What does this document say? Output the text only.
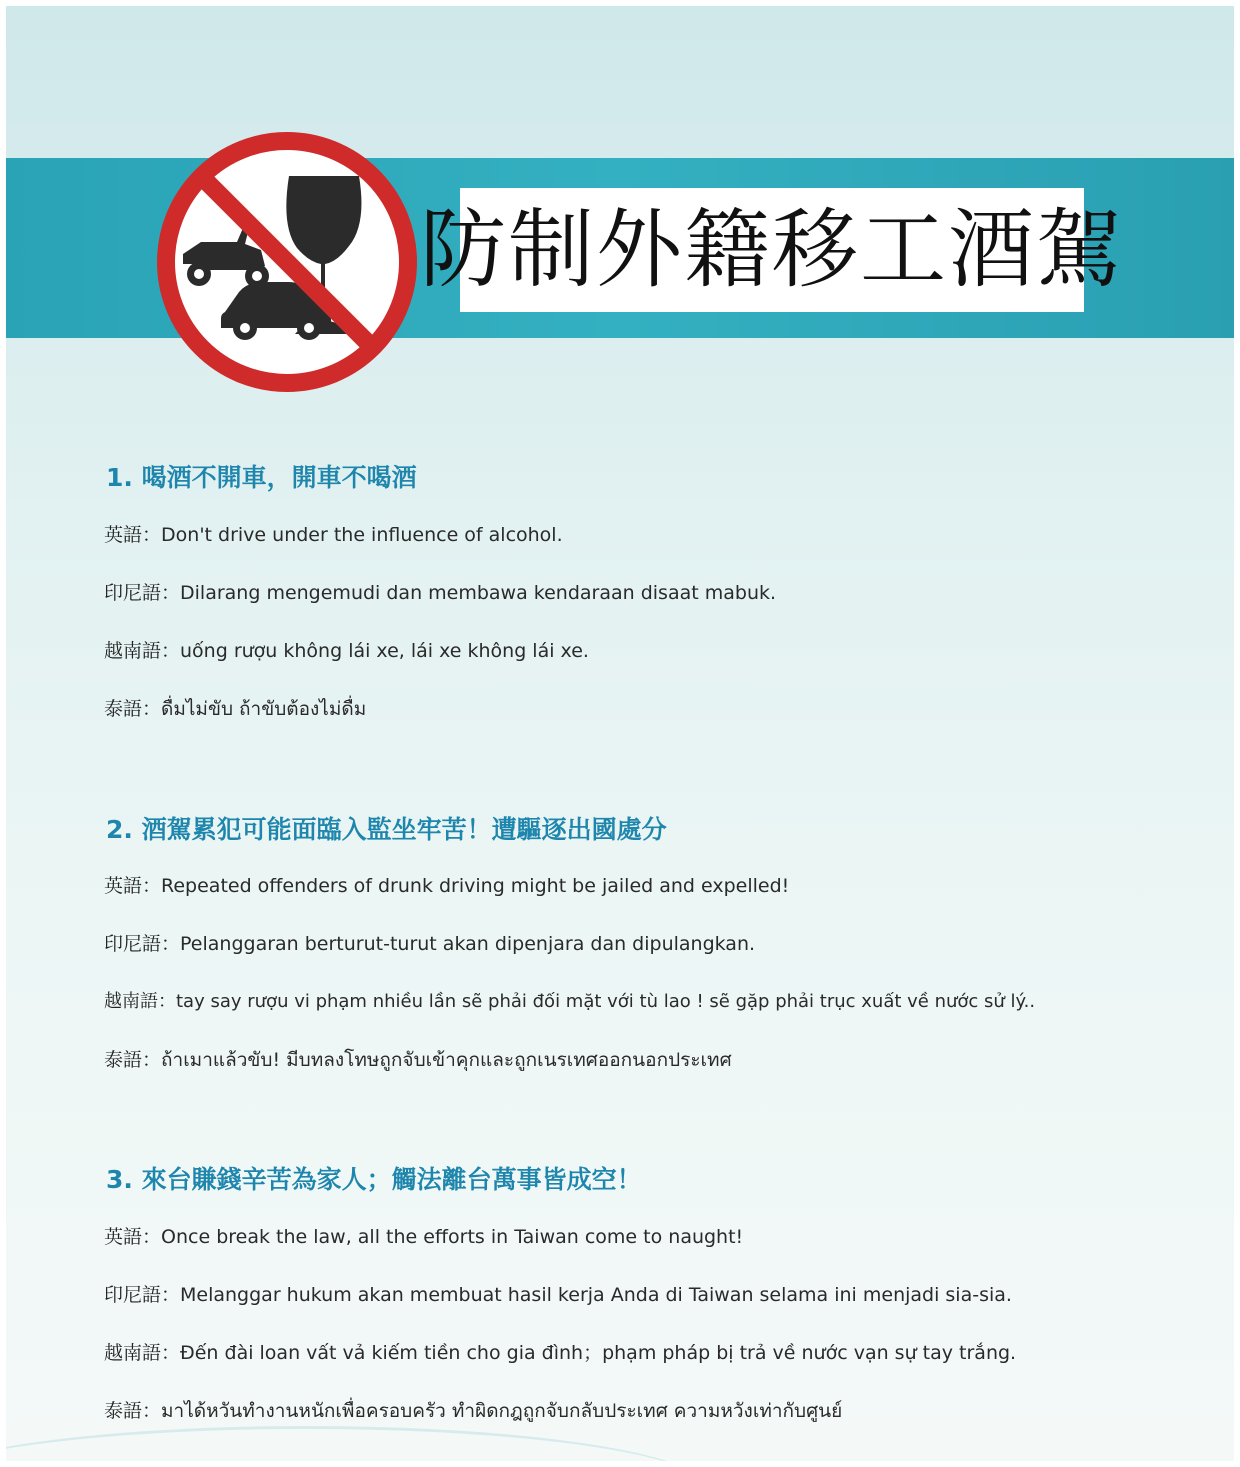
防制外籍移工酒駕
1. 喝酒不開車，開車不喝酒
英語：Don't drive under the influence of alcohol.
印尼語：Dilarang mengemudi dan membawa kendaraan disaat mabuk.
越南語：uống rượu không lái xe, lái xe không lái xe.
泰語：ดื่มไม่ขับ ถ้าขับต้องไม่ดื่ม
2. 酒駕累犯可能面臨入監坐牢苦！遭驅逐出國處分
英語：Repeated offenders of drunk driving might be jailed and expelled!
印尼語：Pelanggaran berturut-turut akan dipenjara dan dipulangkan.
越南語：tay say rượu vi phạm nhiều lần sẽ phải đối mặt với tù lao ! sẽ gặp phải trục xuất về nước sử lý..
泰語：ถ้าเมาแล้วขับ! มีบทลงโทษถูกจับเข้าคุกและถูกเนรเทศออกนอกประเทศ
3. 來台賺錢辛苦為家人；觸法離台萬事皆成空！
英語：Once break the law, all the efforts in Taiwan come to naught!
印尼語：Melanggar hukum akan membuat hasil kerja Anda di Taiwan selama ini menjadi sia-sia.
越南語：Đến đài loan vất vả kiếm tiền cho gia đình；phạm pháp bị trả về nước vạn sự tay trắng.
泰語：มาได้หวันทำงานหนักเพื่อครอบครัว ทำผิดกฎถูกจับกลับประเทศ ความหวังเท่ากับศูนย์
